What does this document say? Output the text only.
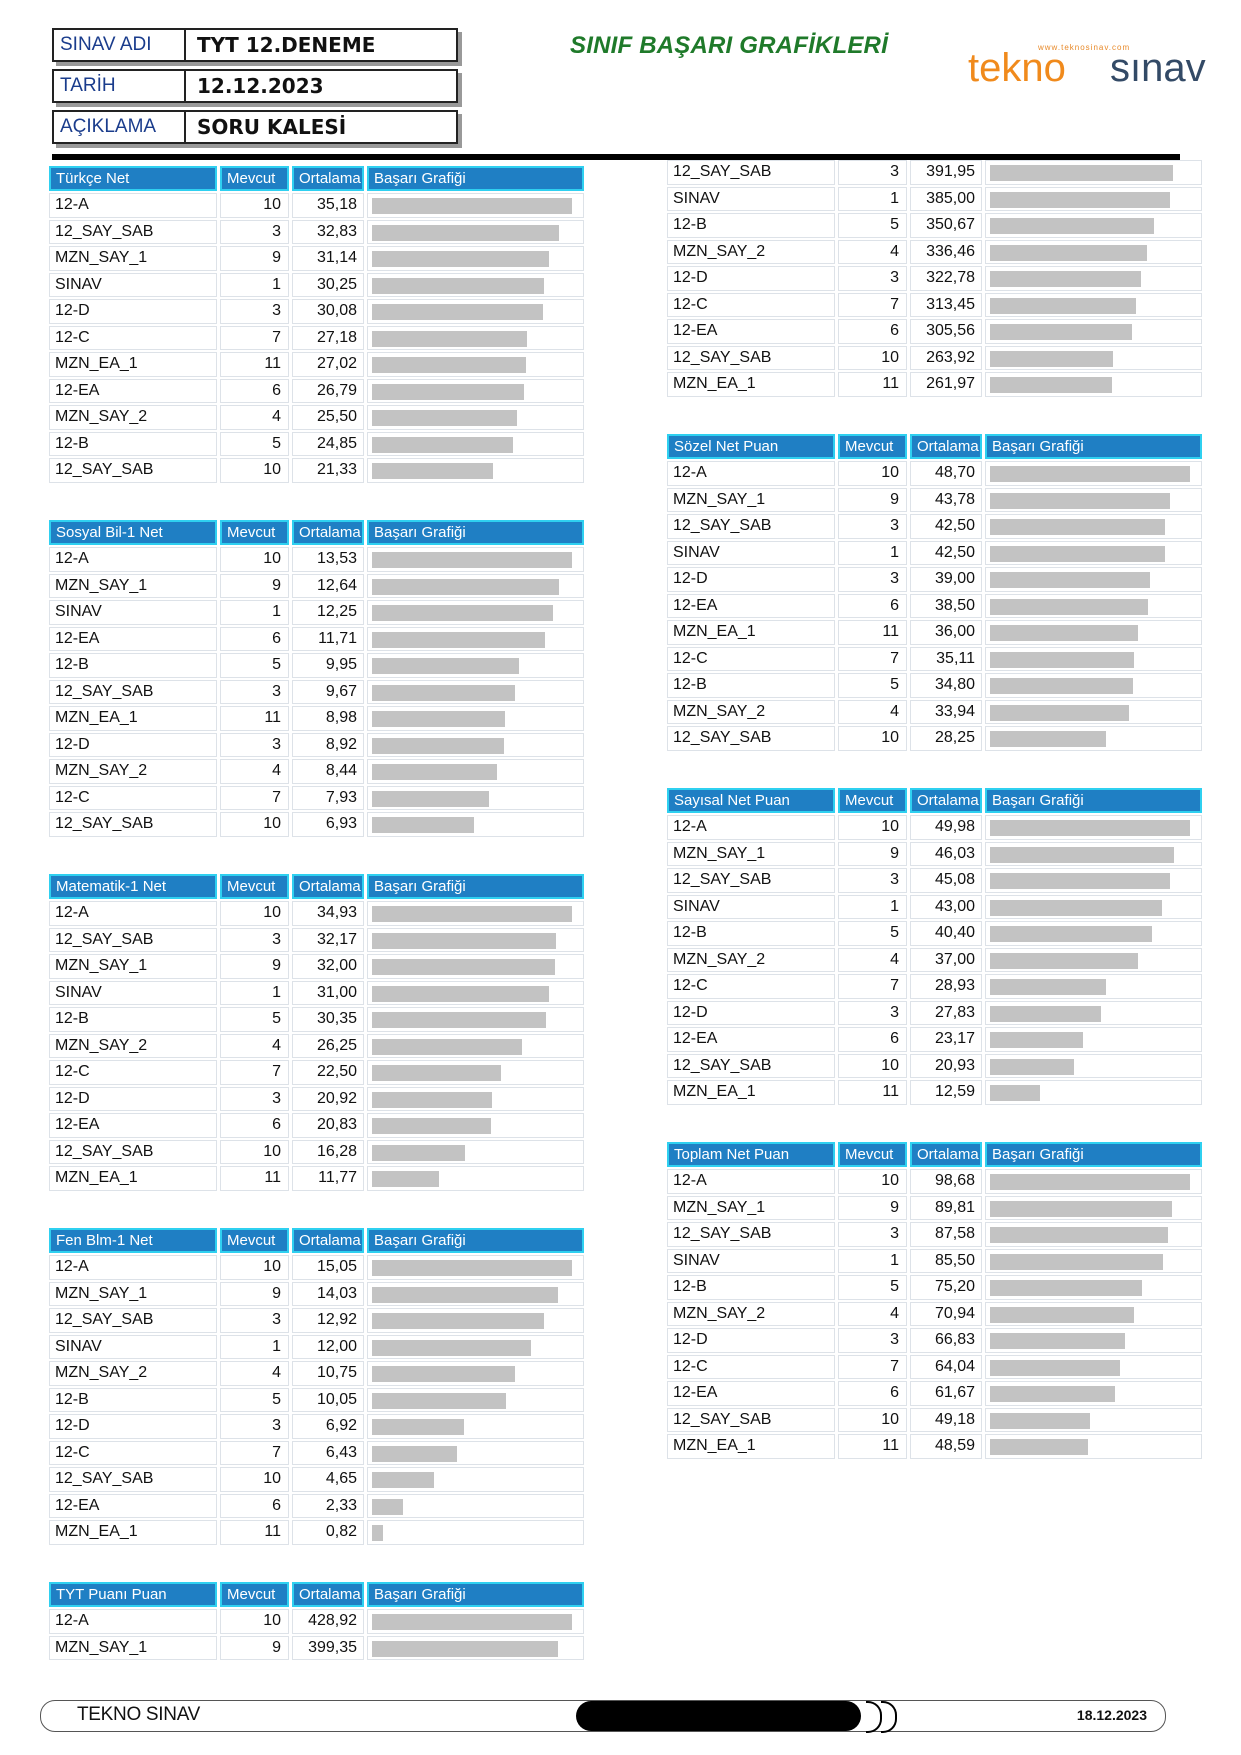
SINAV ADI	TYT 12.DENEME
TARİH	12.12.2023
AÇIKLAMA	SORU KALESİ
SINIF BAŞARI GRAFİKLERİ	www.teknosinav.com
tekno sınav
Türkçe Net	Mevcut	Ortalama Başarı Grafiği
12-A	10	35,18
12_SAY_SAB	3	32,83
MZN_SAY_1	9	31,14
SINAV	1	30,25
12-D	3	30,08
12-C	7	27,18
MZN_EA_1	11	27,02
12-EA	6	26,79
MZN_SAY_2	4	25,50
12-B	5	24,85
12_SAY_SAB	10	21,33
Sosyal Bil-1 Net	Mevcut	Ortalama Başarı Grafiği
12-A	10	13,53
MZN_SAY_1	9	12,64
SINAV	1	12,25
12-EA	6	11,71
12-B	5	9,95
12_SAY_SAB	3	9,67
MZN_EA_1	11	8,98
12-D	3	8,92
MZN_SAY_2	4	8,44
12-C	7	7,93
12_SAY_SAB	10	6,93
Matematik-1 Net	Mevcut	Ortalama Başarı Grafiği
12-A	10	34,93
12_SAY_SAB	3	32,17
MZN_SAY_1	9	32,00
SINAV	1	31,00
12-B	5	30,35
MZN_SAY_2	4	26,25
12-C	7	22,50
12-D	3	20,92
12-EA	6	20,83
12_SAY_SAB	10	16,28
MZN_EA_1	11	11,77
Fen Blm-1 Net	Mevcut	Ortalama Başarı Grafiği
12-A	10	15,05
MZN_SAY_1	9	14,03
12_SAY_SAB	3	12,92
SINAV	1	12,00
MZN_SAY_2	4	10,75
12-B	5	10,05
12-D	3	6,92
12-C	7	6,43
12_SAY_SAB	10	4,65
12-EA	6	2,33
MZN_EA_1	11	0,82
TYT Puanı Puan	Mevcut	Ortalama Başarı Grafiği
12-A	10	428,92
MZN_SAY_1	9	399,35
12_SAY_SAB	3	391,95
SINAV	1	385,00
12-B	5	350,67
MZN_SAY_2	4	336,46
12-D	3	322,78
12-C	7	313,45
12-EA	6	305,56
12_SAY_SAB	10	263,92
MZN_EA_1	11	261,97
Sözel Net Puan	Mevcut	Ortalama Başarı Grafiği
12-A	10	48,70
MZN_SAY_1	9	43,78
12_SAY_SAB	3	42,50
SINAV	1	42,50
12-D	3	39,00
12-EA	6	38,50
MZN_EA_1	11	36,00
12-C	7	35,11
12-B	5	34,80
MZN_SAY_2	4	33,94
12_SAY_SAB	10	28,25
Sayısal Net Puan	Mevcut	Ortalama Başarı Grafiği
12-A	10	49,98
MZN_SAY_1	9	46,03
12_SAY_SAB	3	45,08
SINAV	1	43,00
12-B	5	40,40
MZN_SAY_2	4	37,00
12-C	7	28,93
12-D	3	27,83
12-EA	6	23,17
12_SAY_SAB	10	20,93
MZN_EA_1	11	12,59
Toplam Net Puan	Mevcut	Ortalama Başarı Grafiği
12-A	10	98,68
MZN_SAY_1	9	89,81
12_SAY_SAB	3	87,58
SINAV	1	85,50
12-B	5	75,20
MZN_SAY_2	4	70,94
12-D	3	66,83
12-C	7	64,04
12-EA	6	61,67
12_SAY_SAB	10	49,18
MZN_EA_1	11	48,59
TEKNO SINAV	18.12.2023
